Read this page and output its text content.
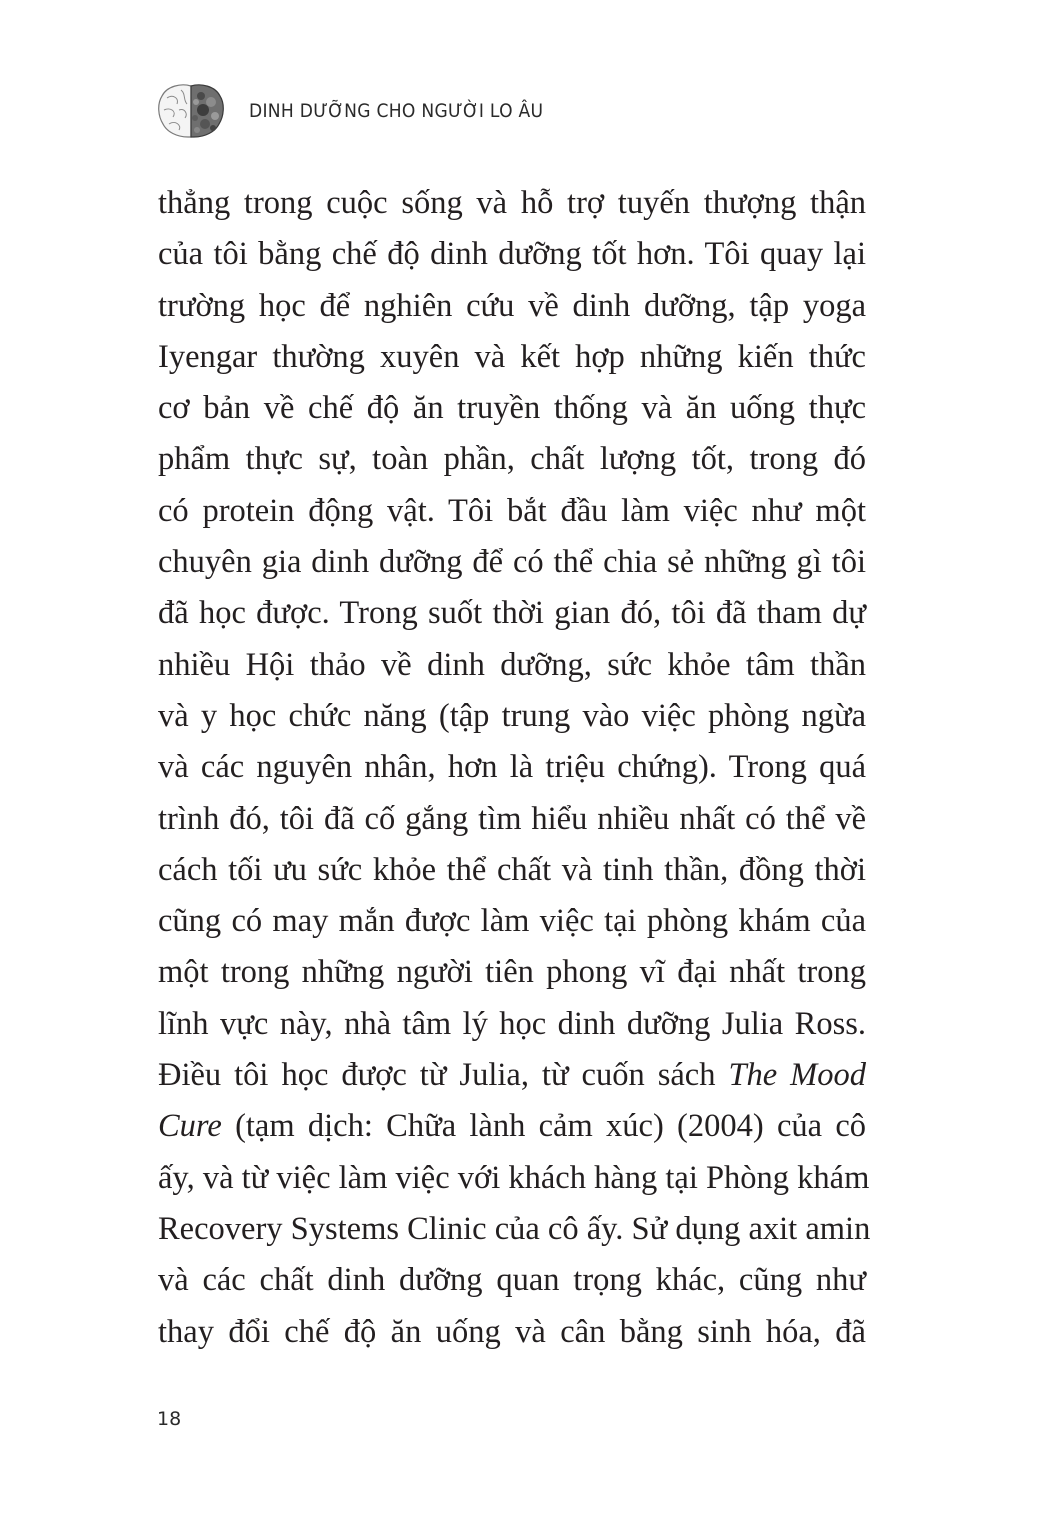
DINH DƯỠNG CHO NGƯỜI LO ÂU
thẳng trong cuộc sống và hỗ trợ tuyến thượng thận
của tôi bằng chế độ dinh dưỡng tốt hơn. Tôi quay lại
trường học để nghiên cứu về dinh dưỡng, tập yoga
Iyengar thường xuyên và kết hợp những kiến thức
cơ bản về chế độ ăn truyền thống và ăn uống thực
phẩm thực sự, toàn phần, chất lượng tốt, trong đó
có protein động vật. Tôi bắt đầu làm việc như một
chuyên gia dinh dưỡng để có thể chia sẻ những gì tôi
đã học được. Trong suốt thời gian đó, tôi đã tham dự
nhiều Hội thảo về dinh dưỡng, sức khỏe tâm thần
và y học chức năng (tập trung vào việc phòng ngừa
và các nguyên nhân, hơn là triệu chứng). Trong quá
trình đó, tôi đã cố gắng tìm hiểu nhiều nhất có thể về
cách tối ưu sức khỏe thể chất và tinh thần, đồng thời
cũng có may mắn được làm việc tại phòng khám của
một trong những người tiên phong vĩ đại nhất trong
lĩnh vực này, nhà tâm lý học dinh dưỡng Julia Ross.
Điều tôi học được từ Julia, từ cuốn sách The Mood
Cure (tạm dịch: Chữa lành cảm xúc) (2004) của cô
ấy, và từ việc làm việc với khách hàng tại Phòng khám
Recovery Systems Clinic của cô ấy. Sử dụng axit amin
và các chất dinh dưỡng quan trọng khác, cũng như
thay đổi chế độ ăn uống và cân bằng sinh hóa, đã
18
